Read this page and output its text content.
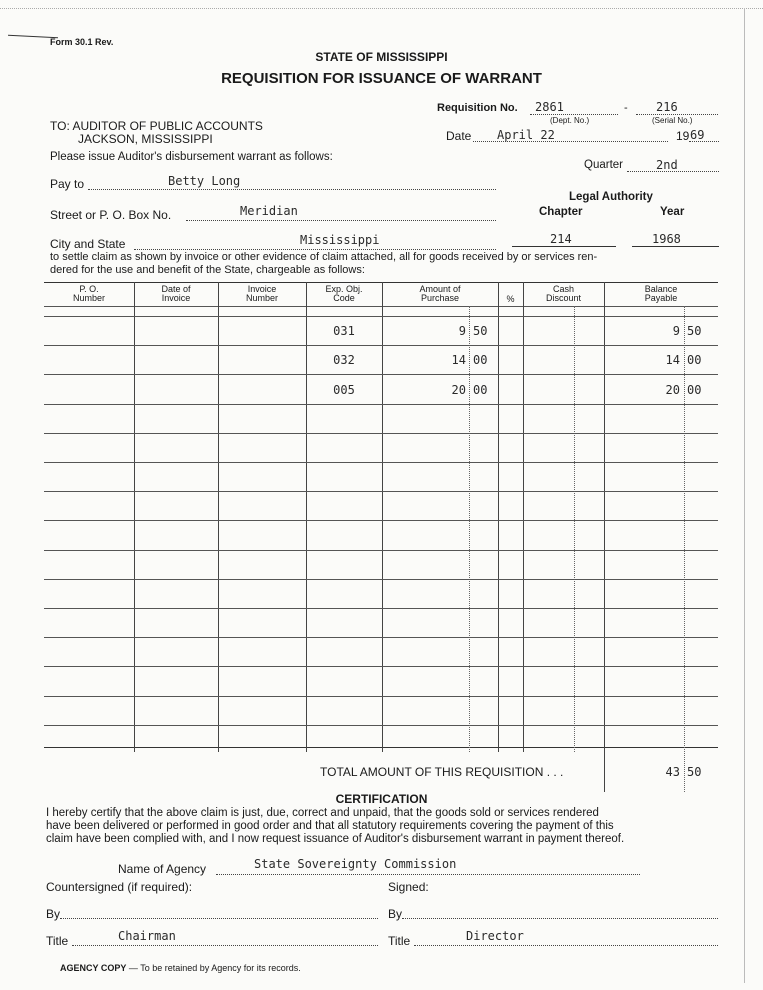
Form 30.1 Rev.
STATE OF MISSISSIPPI
REQUISITION FOR ISSUANCE OF WARRANT
Requisition No. 2861
(Dept. No.)
- 216
(Serial No.)
TO: AUDITOR OF PUBLIC ACCOUNTS
JACKSON, MISSISSIPPI	Date April 22	19 69
Please issue Auditor's disbursement warrant as follows:
Quarter	2nd
Pay to	Betty Long
Legal Authority
Chapter	Year
Street or P. O. Box No.	Meridian
City and State	Mississippi	214	1968
to settle claim as shown by invoice or other evidence of claim attached, all for goods received by or services ren-
dered for the use and benefit of the State, chargeable as follows:
P. O.
Number
Date of
Invoice
Invoice
Number
Exp. Obj.
Code
Amount of
Purchase	%
Cash
Discount
Balance
Payable
031	9 50	9 50
032	14 00	14 00
005	20 00	20 00
TOTAL AMOUNT OF THIS REQUISITION . . .	43 50
CERTIFICATION
I hereby certify that the above claim is just, due, correct and unpaid, that the goods sold or services rendered
have been delivered or performed in good order and that all statutory requirements covering the payment of this
claim have been complied with, and I now request issuance of Auditor's disbursement warrant in payment thereof.
Name of Agency	State Sovereignty Commission
Countersigned (if required):	Signed:
By	By
Title	Chairman	Title	Director
AGENCY COPY — To be retained by Agency for its records.
